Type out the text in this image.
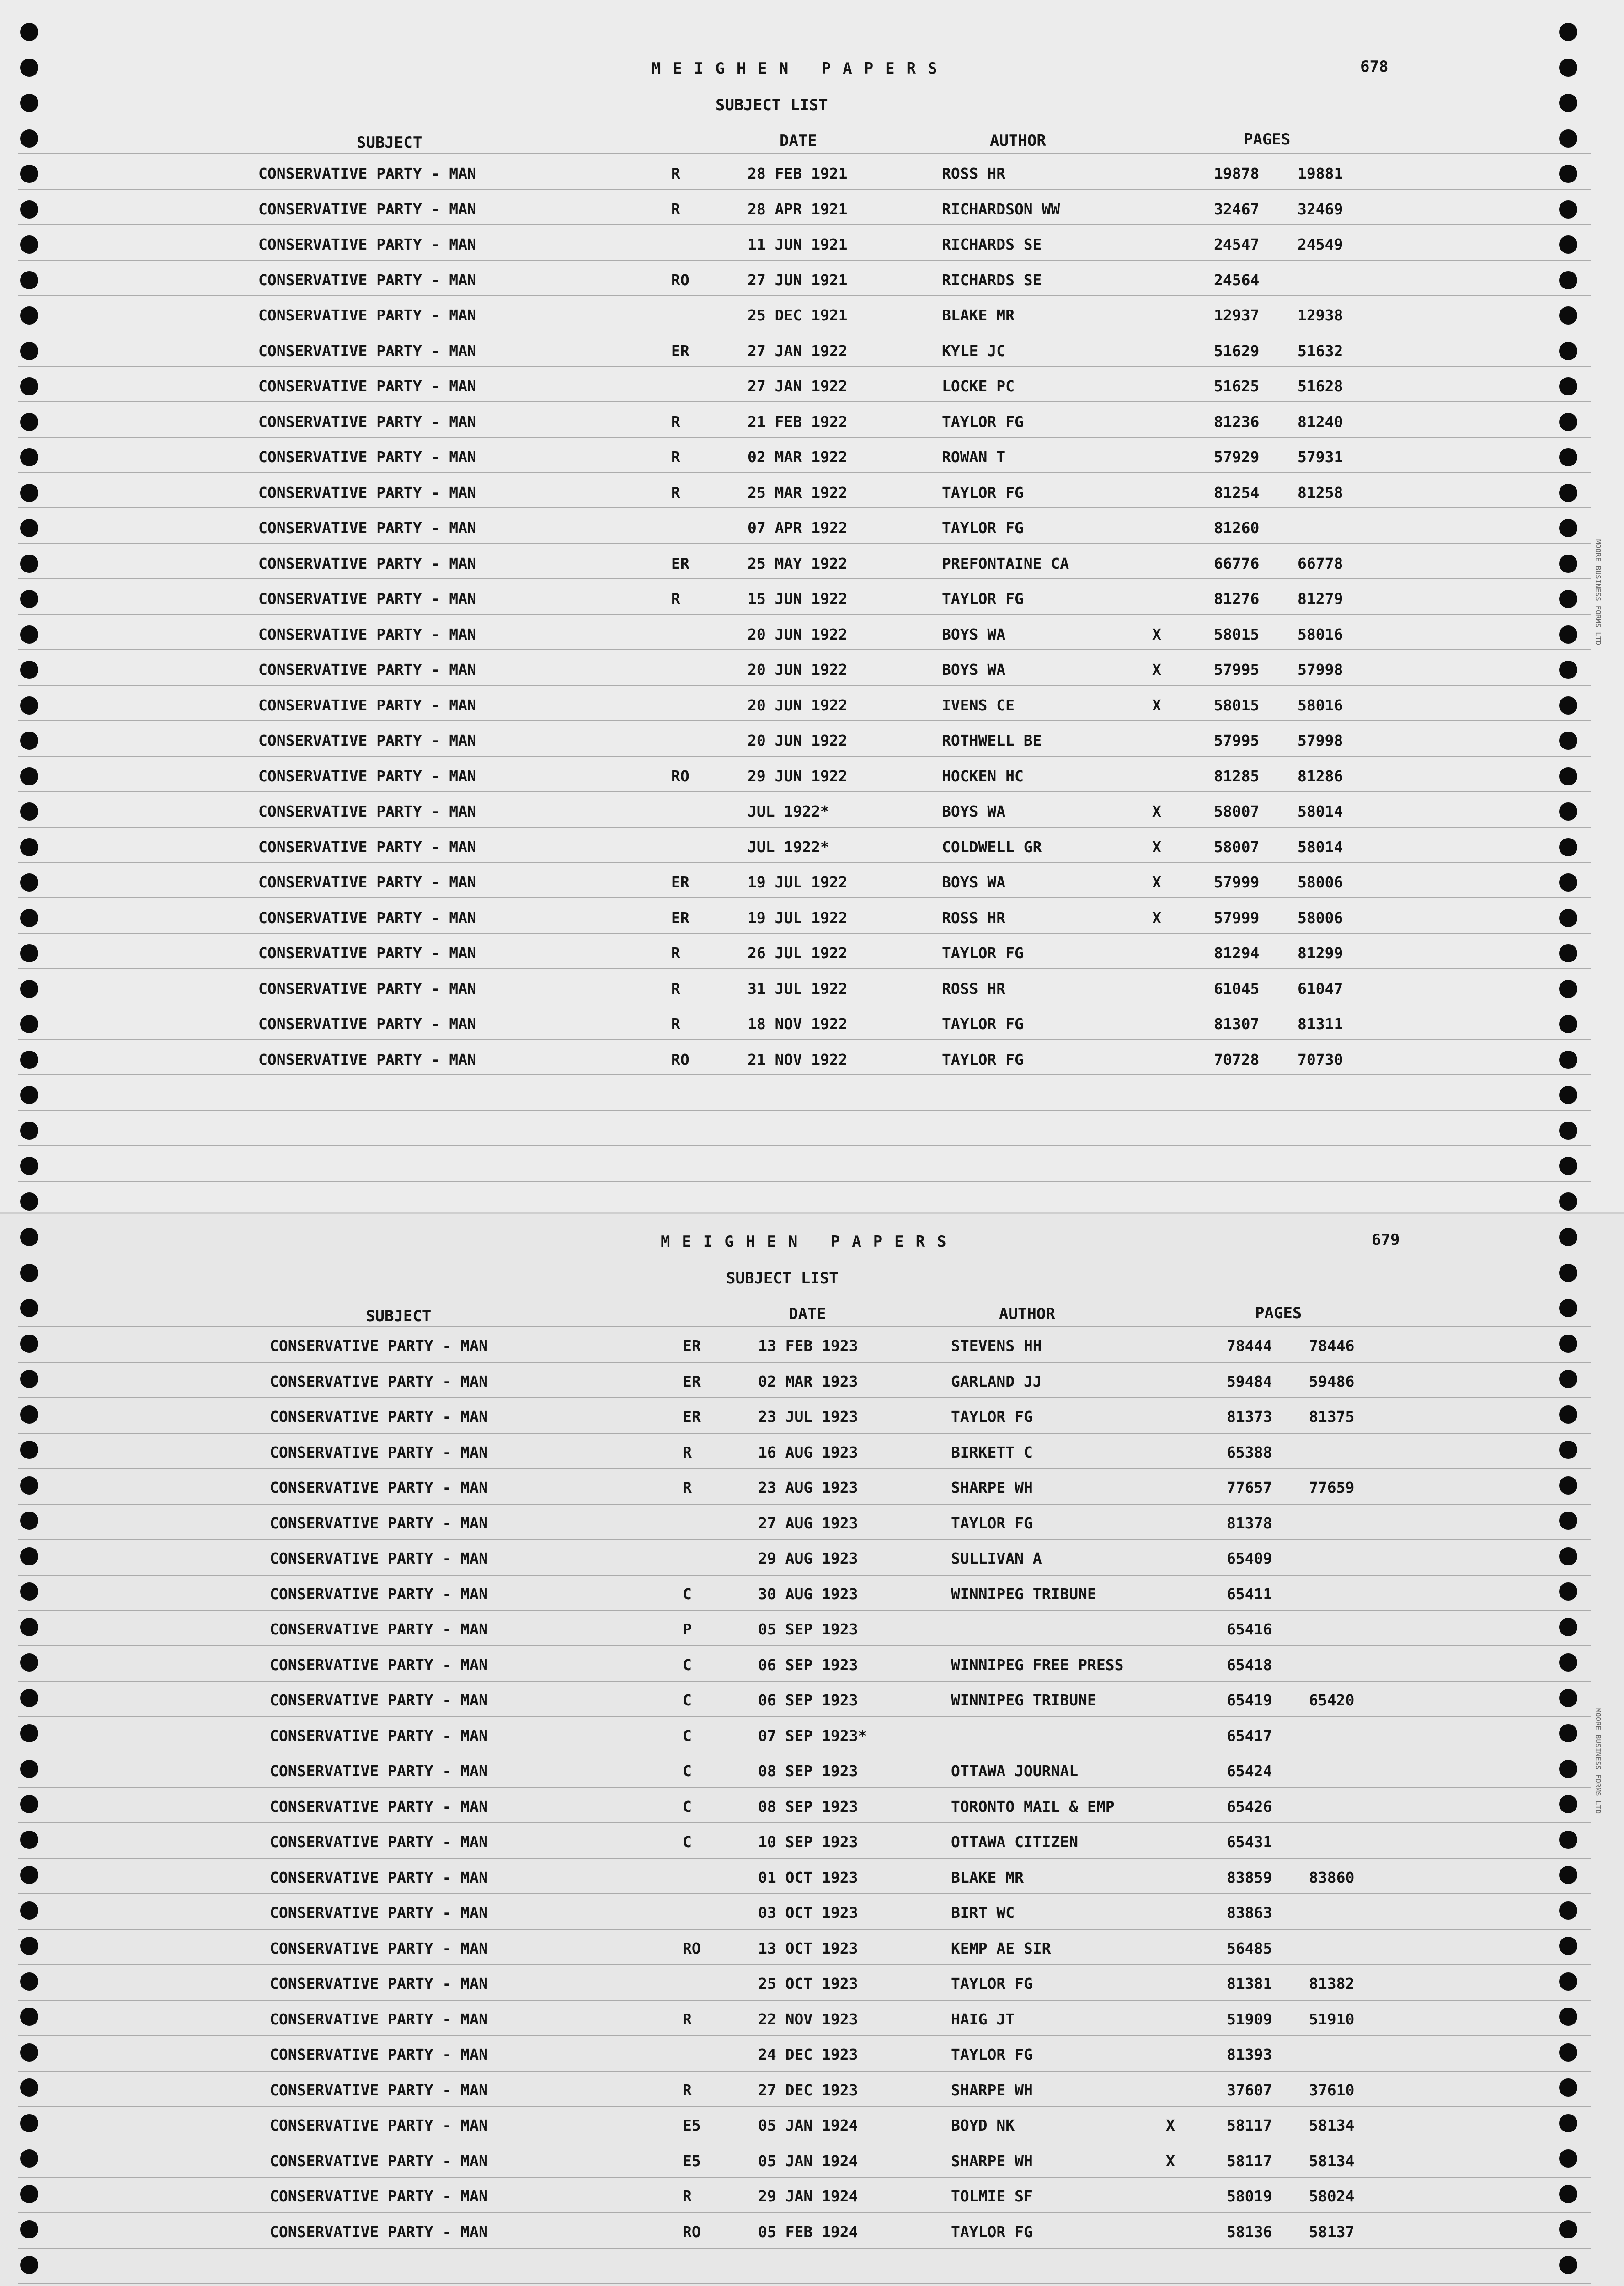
MEIGHEN PAPERS	678
SUBJECT LIST
SUBJECT	DATE	AUTHOR	PAGES
CONSERVATIVE PARTY - MAN	R	28 FEB 1921	ROSS HR	19878	19881
CONSERVATIVE PARTY - MAN	R	28 APR 1921	RICHARDSON WW	32467	32469
CONSERVATIVE PARTY - MAN	11 JUN 1921	RICHARDS SE	24547	24549
CONSERVATIVE PARTY - MAN	RO	27 JUN 1921	RICHARDS SE	24564
CONSERVATIVE PARTY - MAN	25 DEC 1921	BLAKE MR	12937	12938
CONSERVATIVE PARTY - MAN	ER	27 JAN 1922	KYLE JC	51629	51632
CONSERVATIVE PARTY - MAN	27 JAN 1922	LOCKE PC	51625	51628
CONSERVATIVE PARTY - MAN	R	21 FEB 1922	TAYLOR FG	81236	81240
CONSERVATIVE PARTY - MAN	R	02 MAR 1922	ROWAN T	57929	57931
CONSERVATIVE PARTY - MAN	R	25 MAR 1922	TAYLOR FG	81254	81258
CONSERVATIVE PARTY - MAN	07 APR 1922	TAYLOR FG	81260
CONSERVATIVE PARTY - MAN	ER	25 MAY 1922	PREFONTAINE CA	66776	66778
CONSERVATIVE PARTY - MAN	R	15 JUN 1922	TAYLOR FG	81276	81279
CONSERVATIVE PARTY - MAN	20 JUN 1922	BOYS WA	X	58015	58016
CONSERVATIVE PARTY - MAN	20 JUN 1922	BOYS WA	X	57995	57998
CONSERVATIVE PARTY - MAN	20 JUN 1922	IVENS CE	X	58015	58016
CONSERVATIVE PARTY - MAN	20 JUN 1922	ROTHWELL BE	57995	57998
CONSERVATIVE PARTY - MAN	RO	29 JUN 1922	HOCKEN HC	81285	81286
CONSERVATIVE PARTY - MAN	JUL 1922*	BOYS WA	X	58007	58014
CONSERVATIVE PARTY - MAN	JUL 1922*	COLDWELL GR	X	58007	58014
CONSERVATIVE PARTY - MAN	ER	19 JUL 1922	BOYS WA	X	57999	58006
CONSERVATIVE PARTY - MAN	ER	19 JUL 1922	ROSS HR	X	57999	58006
CONSERVATIVE PARTY - MAN	R	26 JUL 1922	TAYLOR FG	81294	81299
CONSERVATIVE PARTY - MAN	R	31 JUL 1922	ROSS HR	61045	61047
CONSERVATIVE PARTY - MAN	R	18 NOV 1922	TAYLOR FG	81307	81311
CONSERVATIVE PARTY - MAN	RO	21 NOV 1922	TAYLOR FG	70728	70730
MOORE BUSINESS FORMS LTD
MEIGHEN PAPERS	679
SUBJECT LIST
SUBJECT	DATE	AUTHOR	PAGES
CONSERVATIVE PARTY - MAN	ER	13 FEB 1923	STEVENS HH	78444 78446
CONSERVATIVE PARTY - MAN	ER	02 MAR 1923	GARLAND JJ	59484 59486
CONSERVATIVE PARTY - MAN	ER	23 JUL 1923	TAYLOR FG	81373 81375
CONSERVATIVE PARTY - MAN	R	16 AUG 1923	BIRKETT C	65388
CONSERVATIVE PARTY - MAN	R	23 AUG 1923	SHARPE WH	77657 77659
CONSERVATIVE PARTY - MAN	27 AUG 1923	TAYLOR FG	81378
CONSERVATIVE PARTY - MAN	29 AUG 1923	SULLIVAN A	65409
CONSERVATIVE PARTY - MAN	C	30 AUG 1923	WINNIPEG TRIBUNE	65411
CONSERVATIVE PARTY - MAN	P	05 SEP 1923	65416
CONSERVATIVE PARTY - MAN	C	06 SEP 1923	WINNIPEG FREE PRESS	65418
CONSERVATIVE PARTY - MAN	C	06 SEP 1923	WINNIPEG TRIBUNE	65419 65420
CONSERVATIVE PARTY - MAN	C	07 SEP 1923*	65417
CONSERVATIVE PARTY - MAN	C	08 SEP 1923	OTTAWA JOURNAL	65424
CONSERVATIVE PARTY - MAN	C	08 SEP 1923	TORONTO MAIL & EMP	65426
CONSERVATIVE PARTY - MAN	C	10 SEP 1923	OTTAWA CITIZEN	65431
CONSERVATIVE PARTY - MAN	01 OCT 1923	BLAKE MR	83859 83860
CONSERVATIVE PARTY - MAN	03 OCT 1923	BIRT WC	83863
CONSERVATIVE PARTY - MAN	RO	13 OCT 1923	KEMP AE SIR	56485
CONSERVATIVE PARTY - MAN	25 OCT 1923	TAYLOR FG	81381 81382
CONSERVATIVE PARTY - MAN	R	22 NOV 1923	HAIG JT	51909 51910
CONSERVATIVE PARTY - MAN	24 DEC 1923	TAYLOR FG	81393
CONSERVATIVE PARTY - MAN	R	27 DEC 1923	SHARPE WH	37607 37610
CONSERVATIVE PARTY - MAN	E5	05 JAN 1924	BOYD NK	X	58117 58134
CONSERVATIVE PARTY - MAN	E5	05 JAN 1924	SHARPE WH	X	58117 58134
CONSERVATIVE PARTY - MAN	R	29 JAN 1924	TOLMIE SF	58019 58024
CONSERVATIVE PARTY - MAN	RO	05 FEB 1924	TAYLOR FG	58136 58137
MOORE BUSINESS FORMS LTD
